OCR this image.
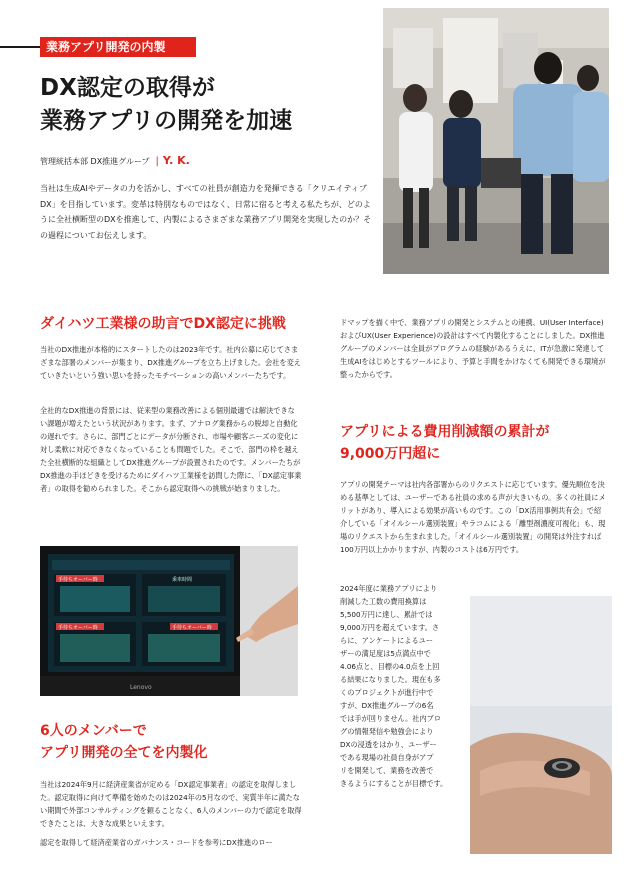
業務アプリ開発の内製
DX認定の取得が
業務アプリの開発を加速
管理統括本部 DX推進グループ | Y. K.

当社は生成AIやデータの力を活かし、すべての社員が創造力を発揮できる「クリエイティブDX」を目指しています。変革は特別なものではなく、日常に宿ると考える私たちが、どのように全社横断型のDXを推進して、内製によるさまざまな業務アプリ開発を実現したのか？その過程についてお伝えします。

ダイハツ工業様の助言でDX認定に挑戦

当社のDX推進が本格的にスタートしたのは2023年です。社内公募に応じてさまざまな部署のメンバーが集まり、DX推進グループを立ち上げました。会社を変えていきたいという強い思いを持ったモチベーションの高いメンバーたちです。

全社的なDX推進の背景には、従来型の業務改善による個別最適では解決できない課題が増えたという状況があります。まず、アナログ業務からの脱却と自動化の遅れです。さらに、部門ごとにデータが分断され、市場や顧客ニーズの変化に対し柔軟に対応できなくなっていることも問題でした。そこで、部門の枠を越えた全社横断的な組織としてDX推進グループが設置されたのです。メンバーたちがDX推進の手ほどきを受けるためにダイハツ工業様を訪問した際に、「DX認定事業者」の取得を勧められました。そこから認定取得への挑戦が始まりました。

手待ちオーバー時	乗車時間
手待ちオーバー時	手待ちオーバー時
Lenovo
6人のメンバーで
アプリ開発の全てを内製化

当社は2024年9月に経済産業省が定める「DX認定事業者」の認定を取得しました。認定取得に向けて準備を始めたのは2024年の5月なので、実質半年に満たない期間で外部コンサルティングを頼ることなく、6人のメンバーの力で認定を取得できたことは、大きな成果といえます。

認定を取得して経済産業省のガバナンス・コードを参考にDX推進のロー

ドマップを描く中で、業務アプリの開発とシステムとの連携、UI(User Interface)およびUX(User Experience)の設計はすべて内製化することにしました。DX推進グループのメンバーは全員がプログラムの経験があるうえに、ITが急激に発達して生成AIをはじめとするツールにより、予算と手間をかけなくても開発できる環境が整ったからです。

アプリによる費用削減額の累計が
9,000万円超に

アプリの開発テーマは社内各部署からのリクエストに応じています。優先順位を決める基準としては、ユーザーである社員の求める声が大きいもの。多くの社員にメリットがあり、導入による効果が高いものです。この「DX活用事例共有会」で紹介している「オイルシール選別装置」やラコムによる「離型剤濃度可視化」も、現場のリクエストから生まれました。「オイルシール選別装置」の開発は外注すれば100万円以上かかりますが、内製のコストは6万円です。

2024年度に業務アプリにより
削減した工数の費用換算は
5,500万円に達し、累計では
9,000万円を超えています。さ
らに、アンケートによるユー
ザーの満足度は5点満点中で
4.06点と、目標の4.0点を上回
る結果になりました。現在も多
くのプロジェクトが進行中で
すが、DX推進グループの6名
では手が回りません。社内ブロ
グの情報発信や勉強会により
DXの浸透をはかり、ユーザー
である現場の社員自身がアプ
リを開発して、業務を改善で
きるようにすることが目標です。
